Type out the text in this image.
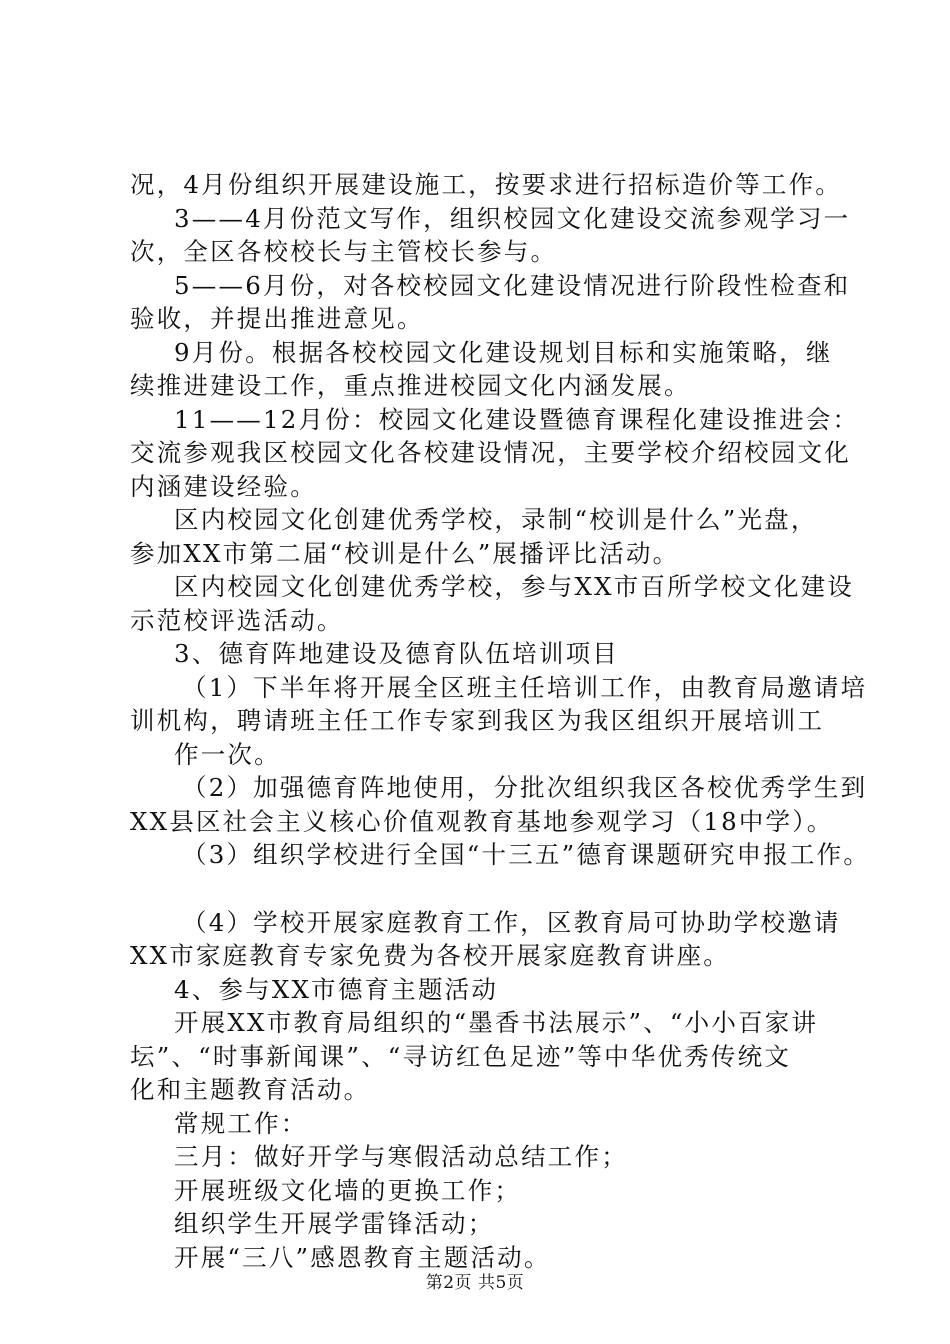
况，4月份组织开展建设施工，按要求进行招标造价等工作。
3——4月份范文写作，组织校园文化建设交流参观学习一
次，全区各校校长与主管校长参与。
5——6月份，对各校校园文化建设情况进行阶段性检查和
验收，并提出推进意见。
9月份。根据各校校园文化建设规划目标和实施策略，继
续推进建设工作，重点推进校园文化内涵发展。
11——12月份：校园文化建设暨德育课程化建设推进会：
交流参观我区校园文化各校建设情况，主要学校介绍校园文化
内涵建设经验。
区内校园文化创建优秀学校，录制“校训是什么”光盘，
参加XX市第二届“校训是什么”展播评比活动。
区内校园文化创建优秀学校，参与XX市百所学校文化建设
示范校评选活动。
3、德育阵地建设及德育队伍培训项目
（1）下半年将开展全区班主任培训工作，由教育局邀请培
训机构，聘请班主任工作专家到我区为我区组织开展培训工
作一次。
（2）加强德育阵地使用，分批次组织我区各校优秀学生到
XX县区社会主义核心价值观教育基地参观学习（18中学）。
（3）组织学校进行全国“十三五”德育课题研究申报工作。
（4）学校开展家庭教育工作，区教育局可协助学校邀请
XX市家庭教育专家免费为各校开展家庭教育讲座。
4、参与XX市德育主题活动
开展XX市教育局组织的“墨香书法展示”、“小小百家讲
坛”、“时事新闻课”、“寻访红色足迹”等中华优秀传统文
化和主题教育活动。
常规工作：
三月：做好开学与寒假活动总结工作；
开展班级文化墙的更换工作；
组织学生开展学雷锋活动；
开展“三八”感恩教育主题活动。
第2页 共5页
